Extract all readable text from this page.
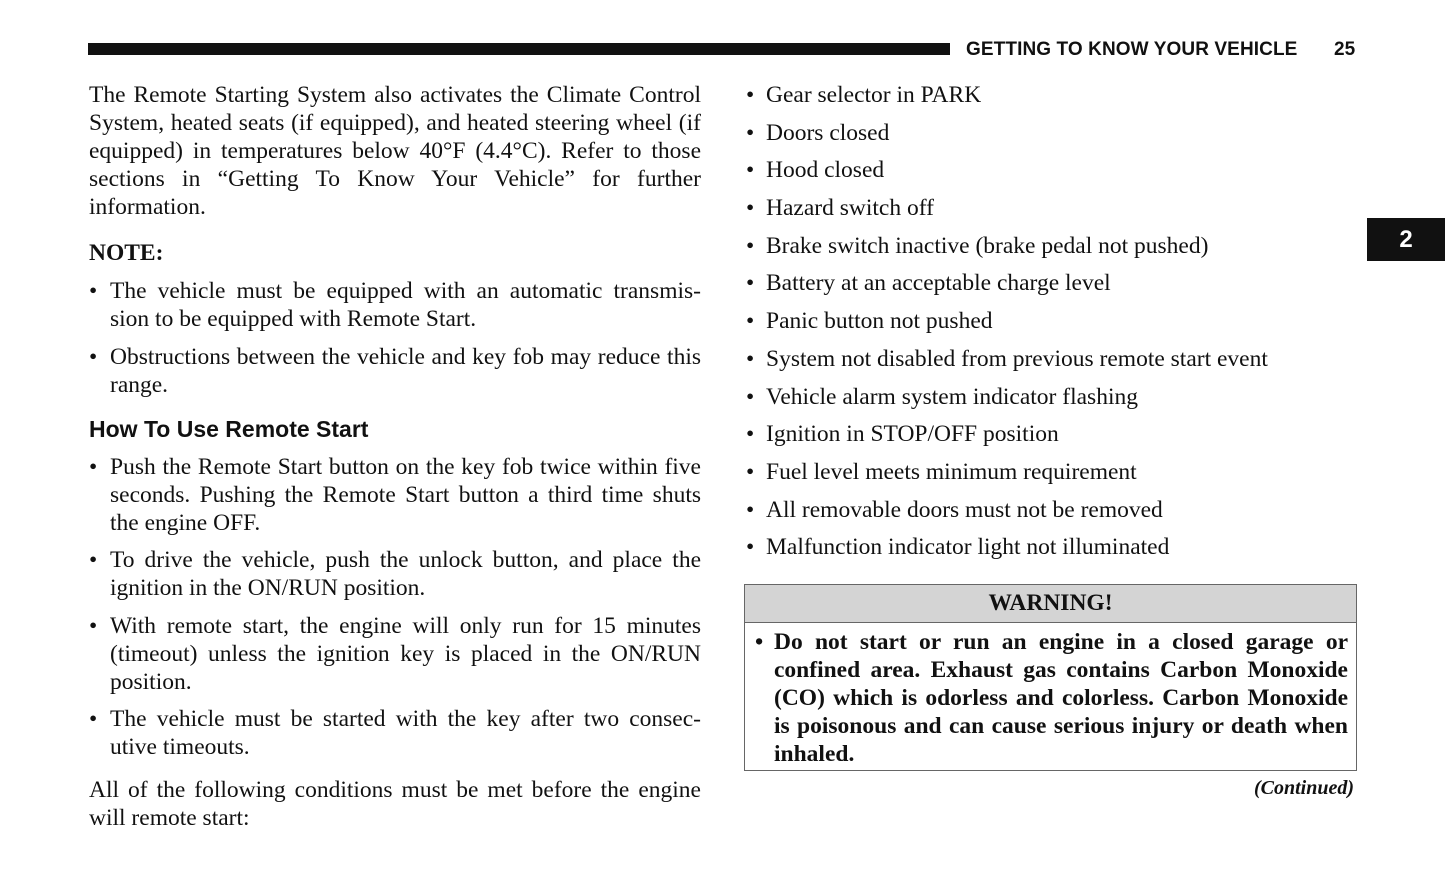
GETTING TO KNOW YOUR VEHICLE 25
2

The Remote Starting System also activates the Climate Control System, heated seats (if equipped), and heated steering wheel (if equipped) in temperatures below 40°F (4.4°C). Refer to those sections in “Getting To Know Your Vehicle” for further information.

NOTE:

• The vehicle must be equipped with an automatic transmis- sion to be equipped with Remote Start.
• Obstructions between the vehicle and key fob may reduce this range.
How To Use Remote Start
• Push the Remote Start button on the key fob twice within five seconds. Pushing the Remote Start button a third time shuts the engine OFF.
• To drive the vehicle, push the unlock button, and place the ignition in the ON/RUN position.
• With remote start, the engine will only run for 15 minutes (timeout) unless the ignition key is placed in the ON/RUN position.
• The vehicle must be started with the key after two consec- utive timeouts.

All of the following conditions must be met before the engine will remote start:

• Gear selector in PARK
• Doors closed
• Hood closed
• Hazard switch off
• Brake switch inactive (brake pedal not pushed)
• Battery at an acceptable charge level
• Panic button not pushed
• System not disabled from previous remote start event
• Vehicle alarm system indicator flashing
• Ignition in STOP/OFF position
• Fuel level meets minimum requirement
• All removable doors must not be removed
• Malfunction indicator light not illuminated
WARNING!
• Do not start or run an engine in a closed garage or confined area. Exhaust gas contains Carbon Monoxide (CO) which is odorless and colorless. Carbon Monoxide is poisonous and can cause serious injury or death when inhaled.
(Continued)
